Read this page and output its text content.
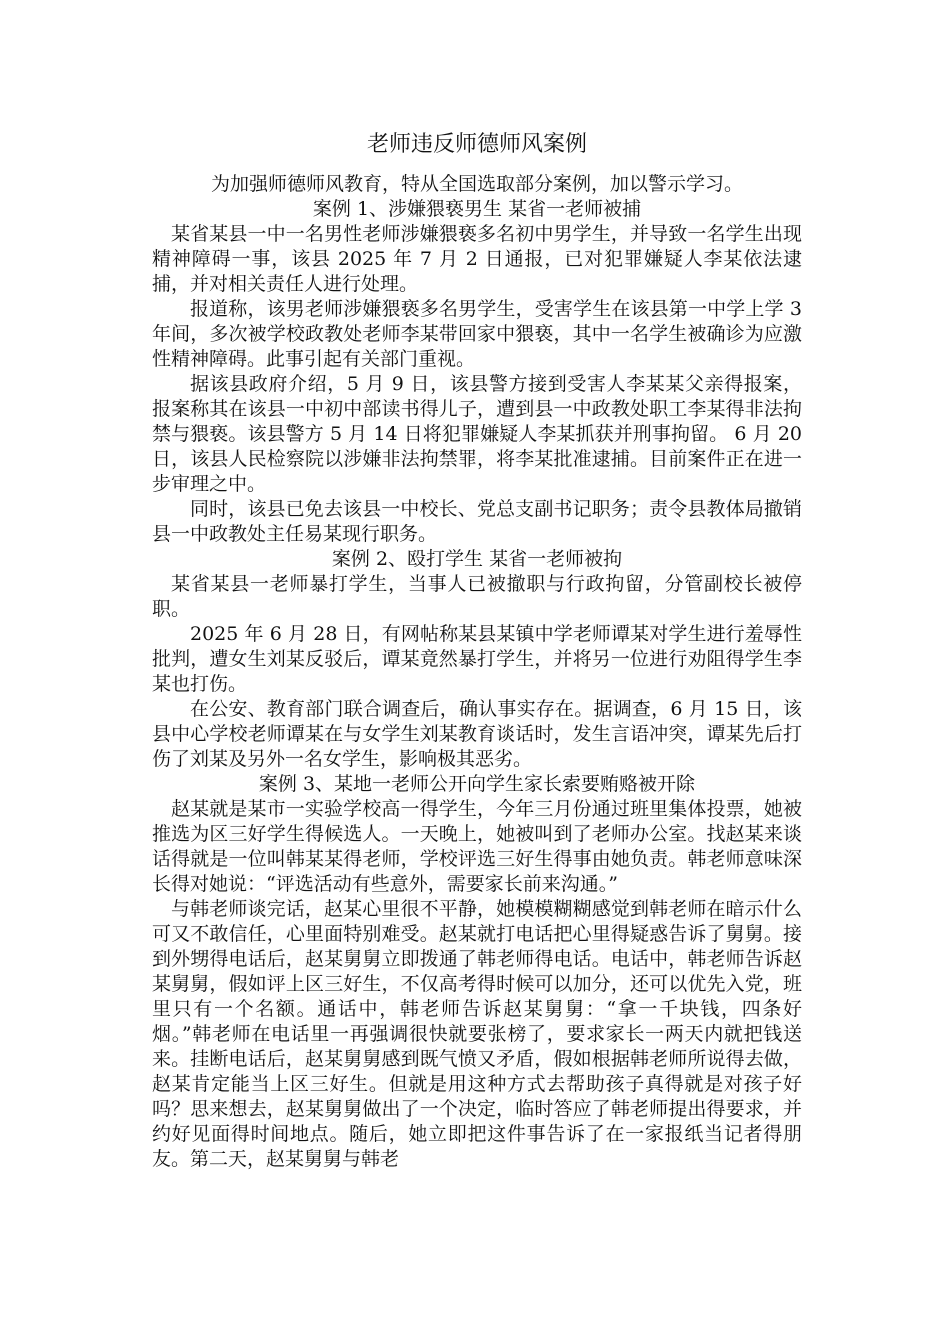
老师违反师德师风案例

为加强师德师风教育，特从全国选取部分案例，加以警示学习。

案例 1、涉嫌猥亵男生 某省一老师被捕

某省某县一中一名男性老师涉嫌猥亵多名初中男学生，并导致一名学生出现精神障碍一事，该县 2025 年 7 月 2 日通报，已对犯罪嫌疑人李某依法逮捕，并对相关责任人进行处理。

报道称，该男老师涉嫌猥亵多名男学生，受害学生在该县第一中学上学 3 年间，多次被学校政教处老师李某带回家中猥亵，其中一名学生被确诊为应激性精神障碍。此事引起有关部门重视。

据该县政府介绍，5 月 9 日，该县警方接到受害人李某某父亲得报案，报案称其在该县一中初中部读书得儿子，遭到县一中政教处职工李某得非法拘禁与猥亵。该县警方 5 月 14 日将犯罪嫌疑人李某抓获并刑事拘留。 6 月 20 日，该县人民检察院以涉嫌非法拘禁罪，将李某批准逮捕。目前案件正在进一步审理之中。

同时，该县已免去该县一中校长、党总支副书记职务；责令县教体局撤销县一中政教处主任易某现行职务。

案例 2、殴打学生 某省一老师被拘

某省某县一老师暴打学生，当事人已被撤职与行政拘留，分管副校长被停职。

2025 年 6 月 28 日，有网帖称某县某镇中学老师谭某对学生进行羞辱性批判，遭女生刘某反驳后，谭某竟然暴打学生，并将另一位进行劝阻得学生李某也打伤。

在公安、教育部门联合调查后，确认事实存在。据调查，6 月 15 日，该县中心学校老师谭某在与女学生刘某教育谈话时，发生言语冲突，谭某先后打伤了刘某及另外一名女学生，影响极其恶劣。

案例 3、某地一老师公开向学生家长索要贿赂被开除

赵某就是某市一实验学校高一得学生，今年三月份通过班里集体投票，她被推选为区三好学生得候选人。一天晚上，她被叫到了老师办公室。找赵某来谈话得就是一位叫韩某某得老师，学校评选三好生得事由她负责。韩老师意味深长得对她说：“评选活动有些意外，需要家长前来沟通。”

与韩老师谈完话，赵某心里很不平静，她模模糊糊感觉到韩老师在暗示什么可又不敢信任，心里面特别难受。赵某就打电话把心里得疑惑告诉了舅舅。接到外甥得电话后，赵某舅舅立即拨通了韩老师得电话。电话中，韩老师告诉赵某舅舅，假如评上区三好生，不仅高考得时候可以加分，还可以优先入党，班里只有一个名额。通话中，韩老师告诉赵某舅舅：“拿一千块钱，四条好烟。”韩老师在电话里一再强调很快就要张榜了，要求家长一两天内就把钱送来。挂断电话后，赵某舅舅感到既气愤又矛盾，假如根据韩老师所说得去做，赵某肯定能当上区三好生。但就是用这种方式去帮助孩子真得就是对孩子好吗？思来想去，赵某舅舅做出了一个决定，临时答应了韩老师提出得要求，并约好见面得时间地点。随后，她立即把这件事告诉了在一家报纸当记者得朋友。第二天，赵某舅舅与韩老
